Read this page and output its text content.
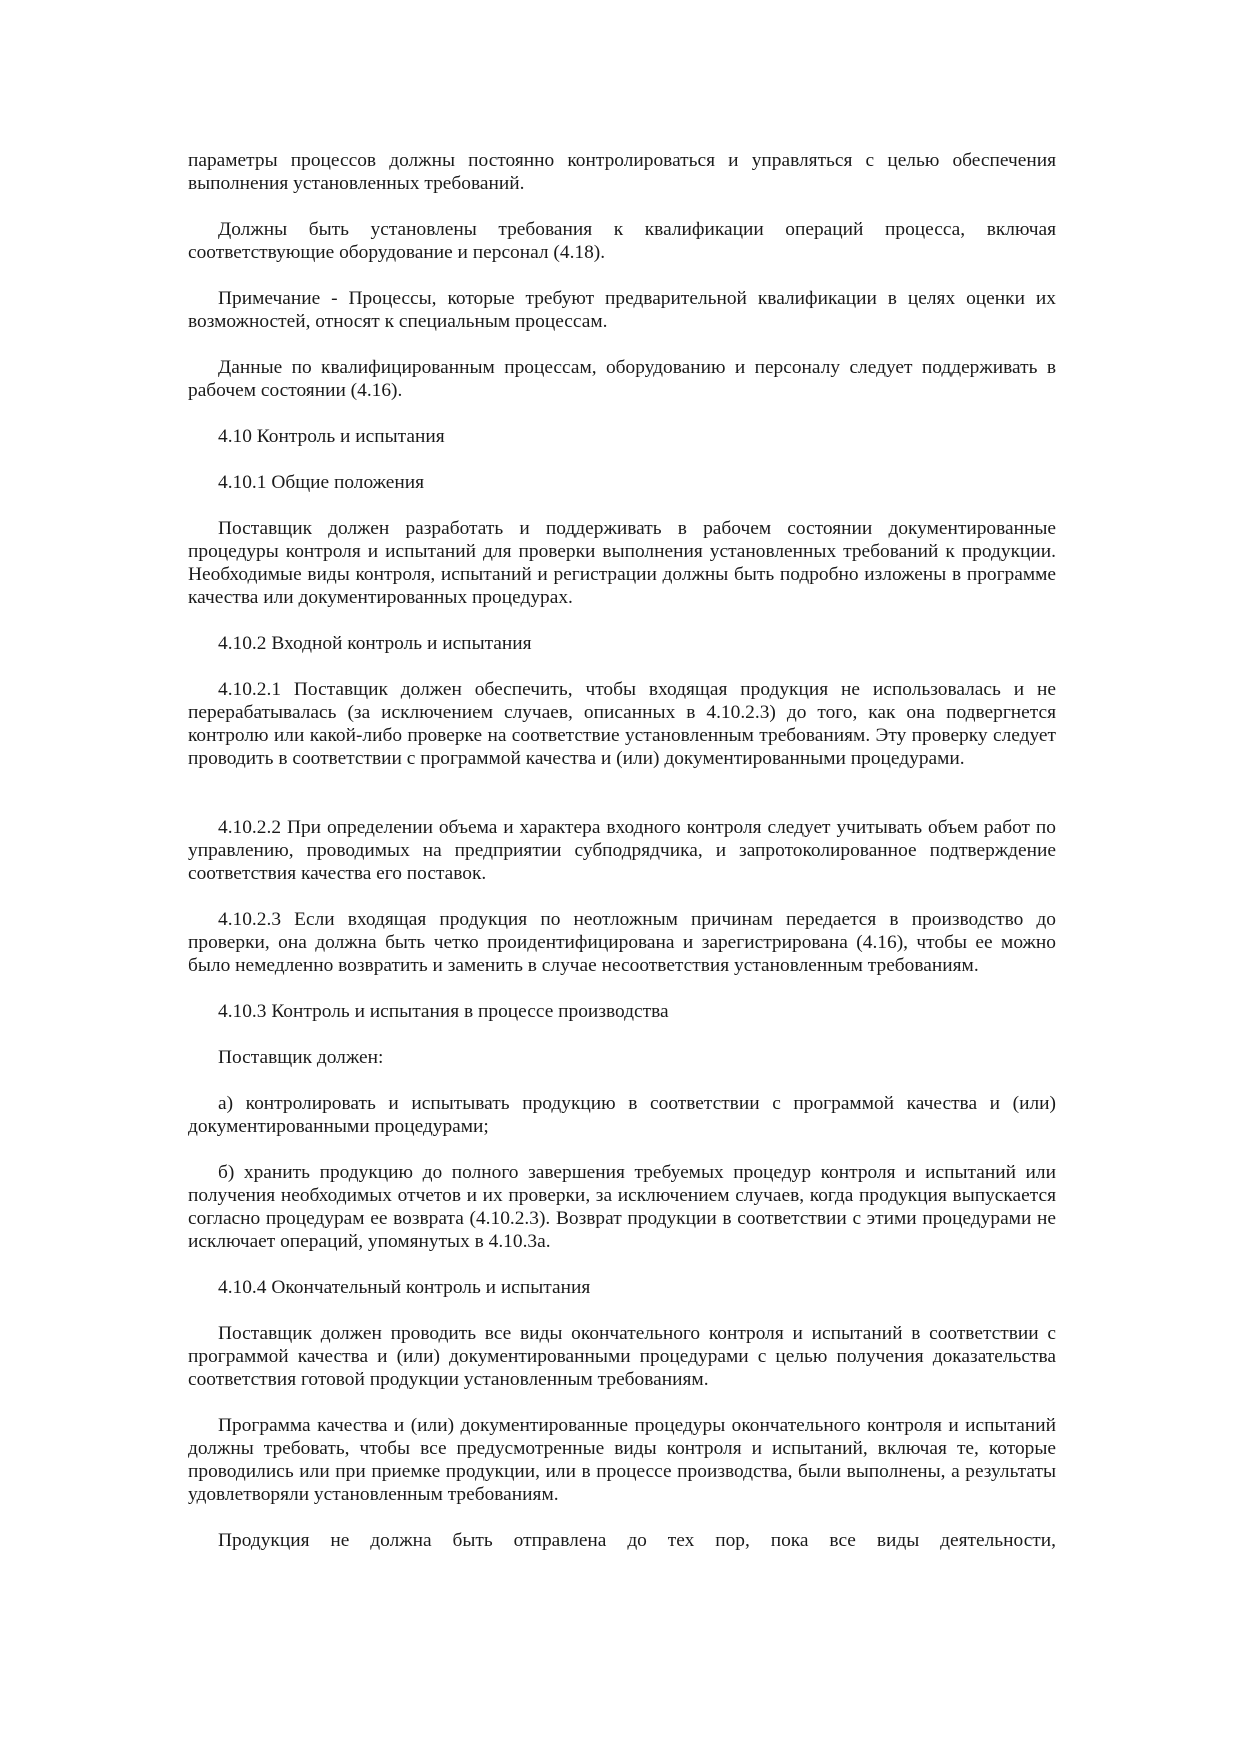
параметры процессов должны постоянно контролироваться и управляться с целью обеспечения выполнения установленных требований.

Должны быть установлены требования к квалификации операций процесса, включая соответствующие оборудование и персонал (4.18).

Примечание - Процессы, которые требуют предварительной квалификации в целях оценки их возможностей, относят к специальным процессам.

Данные по квалифицированным процессам, оборудованию и персоналу следует поддерживать в рабочем состоянии (4.16).

4.10 Контроль и испытания

4.10.1 Общие положения

Поставщик должен разработать и поддерживать в рабочем состоянии документированные процедуры контроля и испытаний для проверки выполнения установленных требований к продукции. Необходимые виды контроля, испытаний и регистрации должны быть подробно изложены в программе качества или документированных процедурах.

4.10.2 Входной контроль и испытания

4.10.2.1 Поставщик должен обеспечить, чтобы входящая продукция не использовалась и не перерабатывалась (за исключением случаев, описанных в 4.10.2.3) до того, как она подвергнется контролю или какой-либо проверке на соответствие установленным требованиям. Эту проверку следует проводить в соответствии с программой качества и (или) документированными процедурами.

4.10.2.2 При определении объема и характера входного контроля следует учитывать объем работ по управлению, проводимых на предприятии субподрядчика, и запротоколированное подтверждение соответствия качества его поставок.

4.10.2.3 Если входящая продукция по неотложным причинам передается в производство до проверки, она должна быть четко проидентифицирована и зарегистрирована (4.16), чтобы ее можно было немедленно возвратить и заменить в случае несоответствия установленным требованиям.

4.10.3 Контроль и испытания в процессе производства

Поставщик должен:

а) контролировать и испытывать продукцию в соответствии с программой качества и (или) документированными процедурами;

б) хранить продукцию до полного завершения требуемых процедур контроля и испытаний или получения необходимых отчетов и их проверки, за исключением случаев, когда продукция выпускается согласно процедурам ее возврата (4.10.2.3). Возврат продукции в соответствии с этими процедурами не исключает операций, упомянутых в 4.10.3а.

4.10.4 Окончательный контроль и испытания

Поставщик должен проводить все виды окончательного контроля и испытаний в соответствии с программой качества и (или) документированными процедурами с целью получения доказательства соответствия готовой продукции установленным требованиям.

Программа качества и (или) документированные процедуры окончательного контроля и испытаний должны требовать, чтобы все предусмотренные виды контроля и испытаний, включая те, которые проводились или при приемке продукции, или в процессе производства, были выполнены, а результаты удовлетворяли установленным требованиям.

Продукция не должна быть отправлена до тех пор, пока все виды деятельности,
